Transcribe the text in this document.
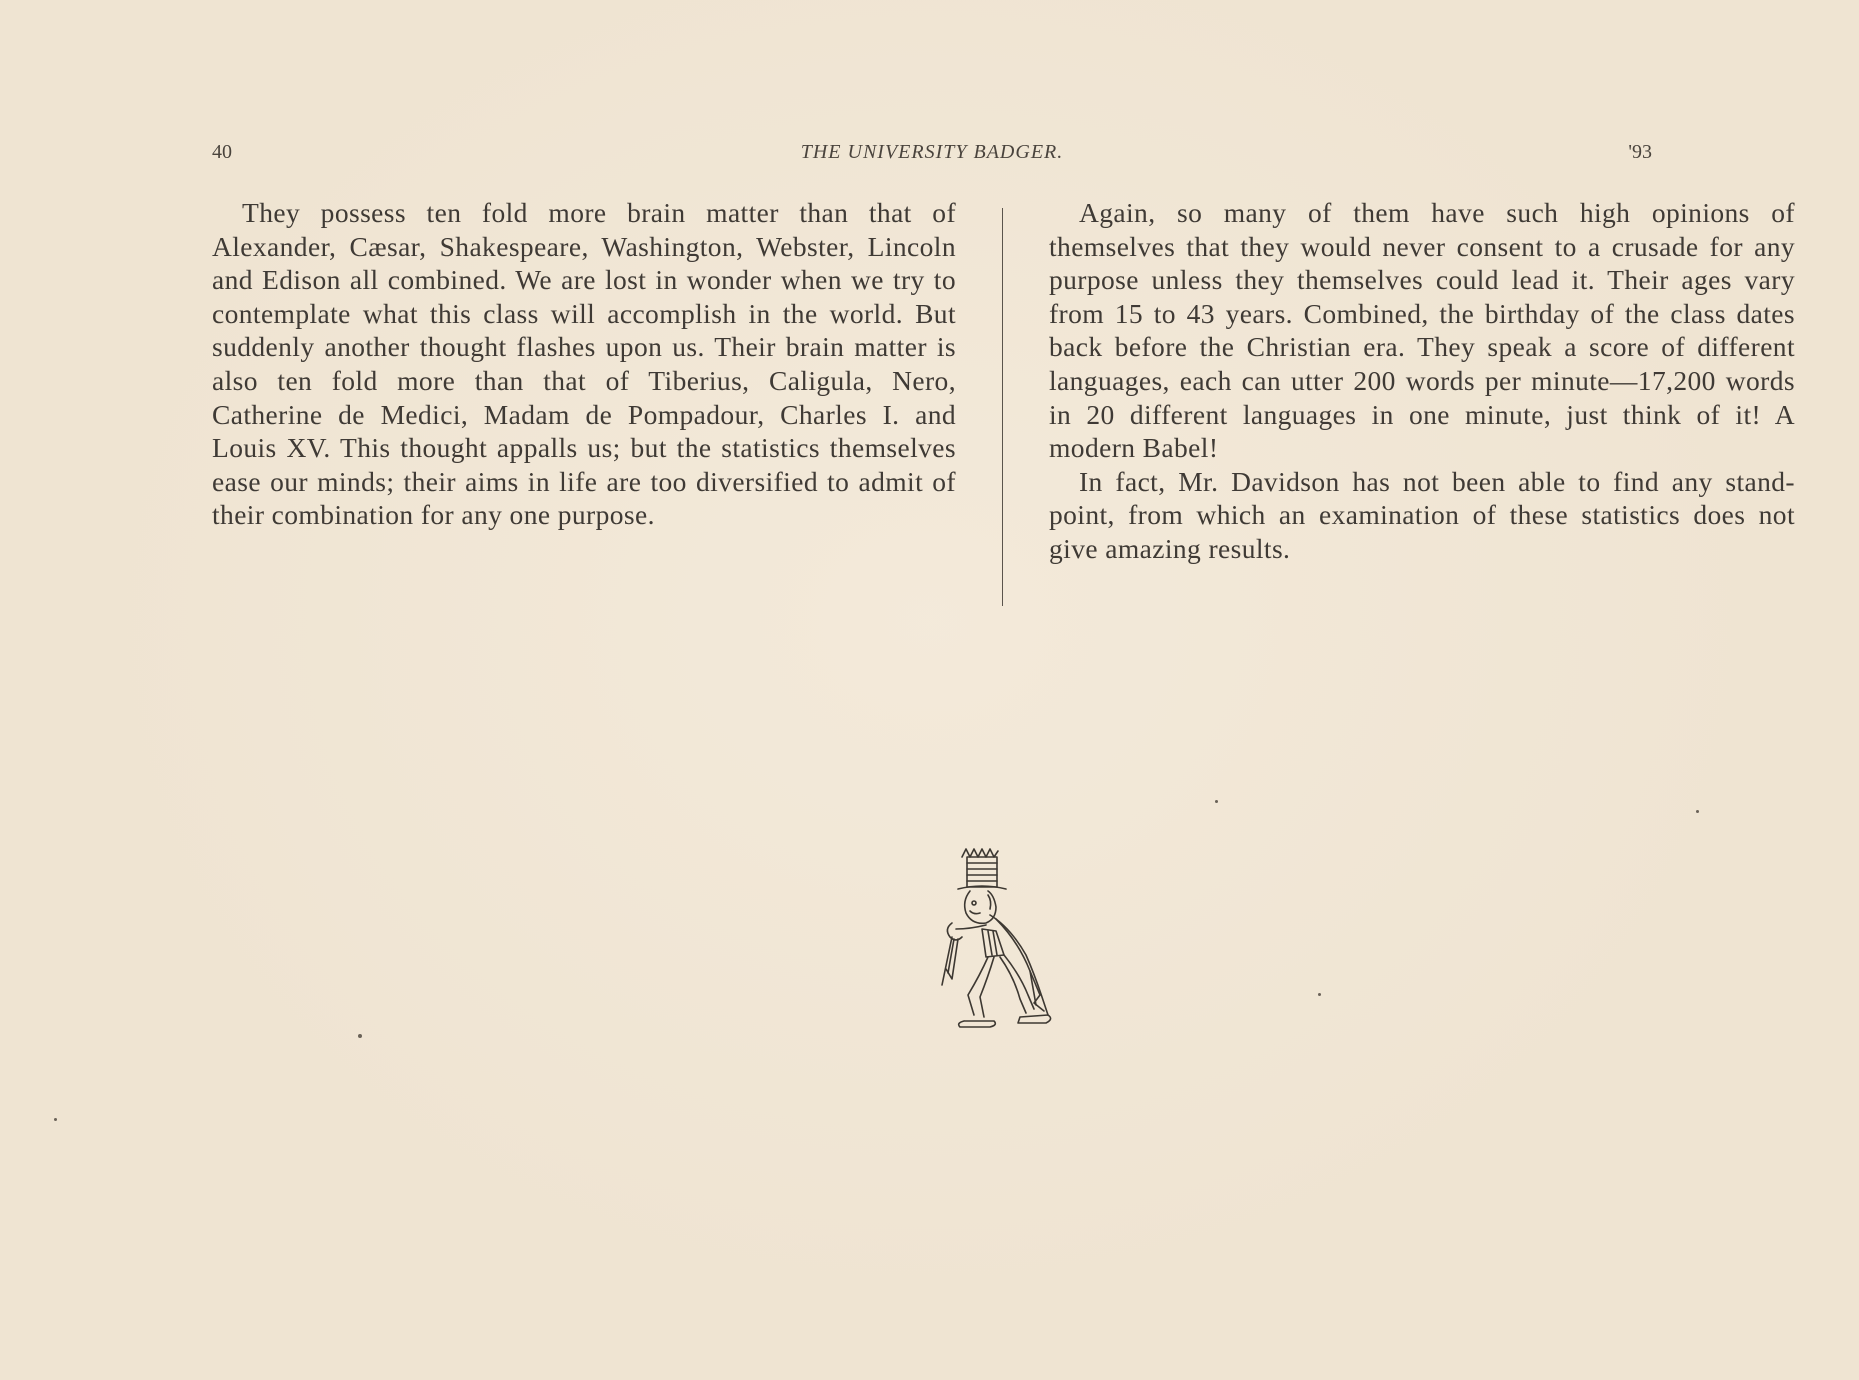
40	THE UNIVERSITY BADGER.	'93

They possess ten fold more brain matter than that of Alexander, Cæsar, Shakespeare, Washington, Webster, Lincoln and Edison all combined. We are lost in wonder when we try to contemplate what this class will accomplish in the world. But suddenly another thought flashes upon us. Their brain matter is also ten fold more than that of Tiberius, Caligula, Nero, Catherine de Medici, Madam de Pompadour, Charles I. and Louis XV. This thought appalls us; but the statistics themselves ease our minds; their aims in life are too diversified to admit of their combination for any one purpose.

Again, so many of them have such high opinions of themselves that they would never consent to a crusade for any purpose unless they themselves could lead it. Their ages vary from 15 to 43 years. Combined, the birthday of the class dates back before the Christian era. They speak a score of different languages, each can utter 200 words per minute—17,200 words in 20 different languages in one minute, just think of it! A modern Babel!

In fact, Mr. Davidson has not been able to find any stand-point, from which an examination of these statistics does not give amazing results.
